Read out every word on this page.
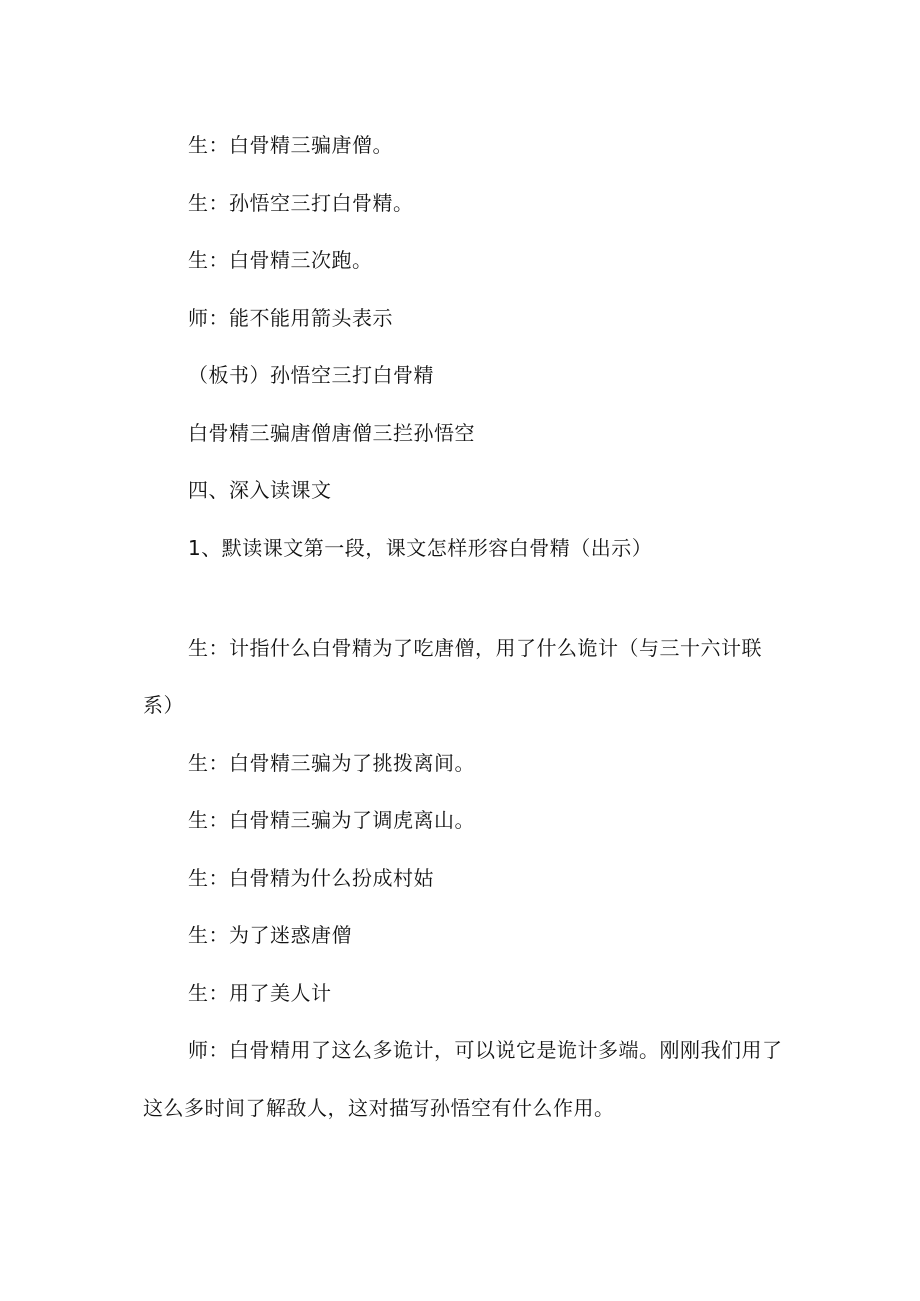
生：白骨精三骗唐僧。
生：孙悟空三打白骨精。
生：白骨精三次跑。
师：能不能用箭头表示
（板书）孙悟空三打白骨精
白骨精三骗唐僧唐僧三拦孙悟空
四、深入读课文
1、默读课文第一段，课文怎样形容白骨精（出示）
生：计指什么白骨精为了吃唐僧，用了什么诡计（与三十六计联
系）
生：白骨精三骗为了挑拨离间。
生：白骨精三骗为了调虎离山。
生：白骨精为什么扮成村姑
生：为了迷惑唐僧
生：用了美人计
师：白骨精用了这么多诡计，可以说它是诡计多端。刚刚我们用了
这么多时间了解敌人，这对描写孙悟空有什么作用。
